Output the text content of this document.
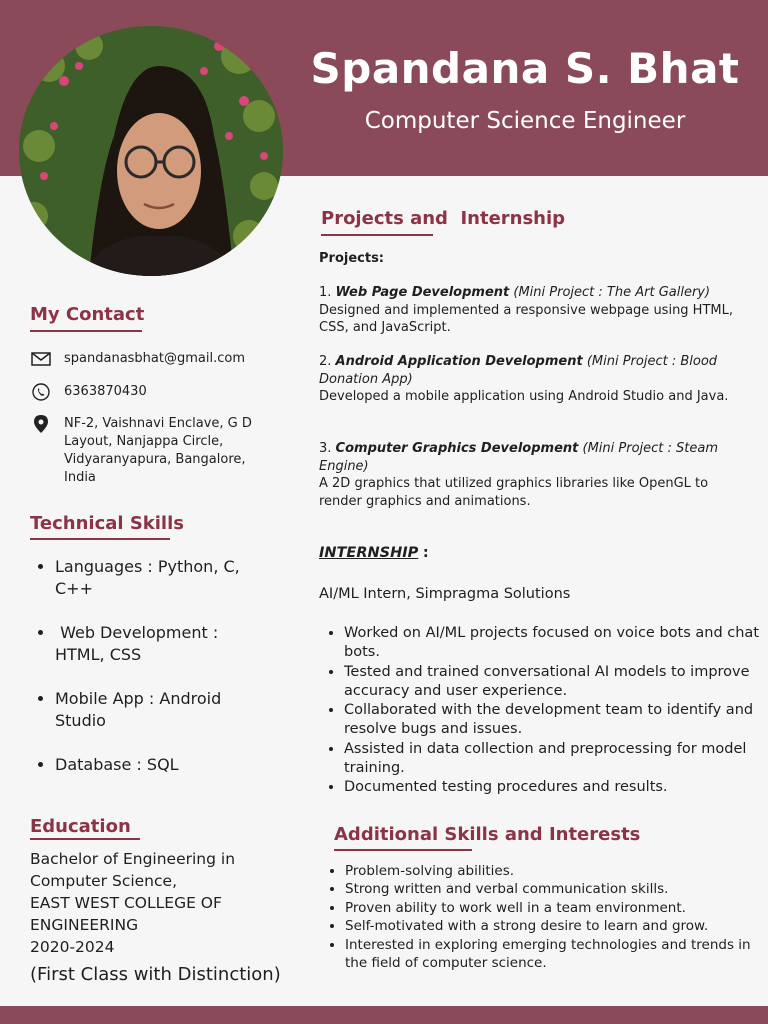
Spandana S. Bhat
Computer Science Engineer
My Contact
spandanasbhat@gmail.com
6363870430
NF-2, Vaishnavi Enclave, G D
Layout, Nanjappa Circle,
Vidyaranyapura, Bangalore,
India
Technical Skills
• Languages : Python, C,
C++
•  Web Development :
HTML, CSS
• Mobile App : Android
Studio
• Database : SQL
Education
Bachelor of Engineering in
Computer Science,
EAST WEST COLLEGE OF
ENGINEERING
2020-2024
(First Class with Distinction)
Projects and  Internship
Projects:
1. Web Page Development (Mini Project : The Art Gallery)
Designed and implemented a responsive webpage using HTML, CSS, and JavaScript.
2. Android Application Development (Mini Project : Blood Donation App)
Developed a mobile application using Android Studio and Java.
3. Computer Graphics Development (Mini Project : Steam Engine)
A 2D graphics that utilized graphics libraries like OpenGL to render graphics and animations.
INTERNSHIP :
AI/ML Intern, Simpragma Solutions
• Worked on AI/ML projects focused on voice bots and chat bots.
• Tested and trained conversational AI models to improve accuracy and user experience.
• Collaborated with the development team to identify and resolve bugs and issues.
• Assisted in data collection and preprocessing for model training.
• Documented testing procedures and results.
Additional Skills and Interests
• Problem-solving abilities.
• Strong written and verbal communication skills.
• Proven ability to work well in a team environment.
• Self-motivated with a strong desire to learn and grow.
• Interested in exploring emerging technologies and trends in the field of computer science.
